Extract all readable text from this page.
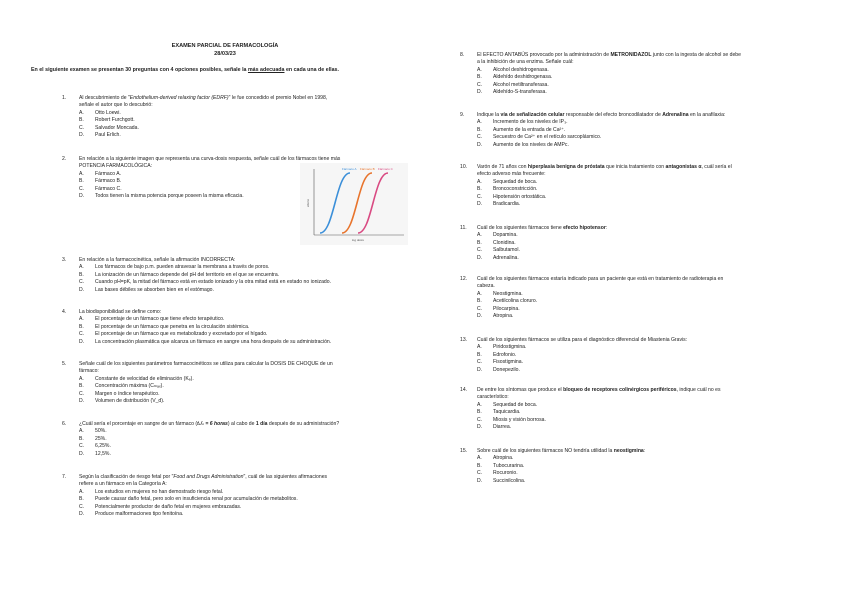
EXAMEN PARCIAL DE FARMACOLOGÍA
28/03/23
En el siguiente examen se presentan 30 preguntas con 4 opciones posibles, señale la más adecuada en cada una de ellas.
1.	Al descubrimiento de "Endothelium-derived relaxing factor (EDRF)" le fue concedido el premio Nobel en 1998,
señale el autor que lo descubrió:
A. Otto Loewi.
B. Robert Furchgott.
C. Salvador Moncada.
D. Paul Erlich.
2.	En relación a la siguiente imagen que representa una curva-dosis respuesta, señale cuál de los fármacos tiene más
POTENCIA FARMACOLÓGICA:
A. Fármaco A.
B. Fármaco B.
C. Fármaco C.
D. Todos tienen la misma potencia porque poseen la misma eficacia.
Fármaco A Fármaco B Fármaco C
log dosis
efecto
3.	En relación a la farmacocinética, señale la afirmación INCORRECTA:
A. Los fármacos de bajo p.m. pueden atravesar la membrana a través de poros.
B. La ionización de un fármaco depende del pH del territorio en el que se encuentra.
C. Cuando pH=pK, la mitad del fármaco está en estado ionizado y la otra mitad está en estado no ionizado.
D. Las bases débiles se absorben bien en el estómago.
4.	La biodisponibilidad se define como:
A. El porcentaje de un fármaco que tiene efecto terapéutico.
B. El porcentaje de un fármaco que penetra en la circulación sistémica.
C. El porcentaje de un fármaco que es metabolizado y excretado por el hígado.
D. La concentración plasmática que alcanza un fármaco en sangre una hora después de su administración.
5.	Señale cuál de los siguientes parámetros farmacocinéticos se utiliza para calcular la DOSIS DE CHOQUE de un
fármaco:
A. Constante de velocidad de eliminación (Kₑ).
B. Concentración máxima (Cₘₐₓ).
C. Margen o índice terapéutico.
D. Volumen de distribución (V_d).
6.	¿Cuál sería el porcentaje en sangre de un fármaco (t₁/₂ = 6 horas) al cabo de 1 día después de su administración?
A. 50%.
B. 25%.
C. 6,25%.
D. 12,5%.
7.	Según la clasificación de riesgo fetal por "Food and Drugs Administration", cuál de las siguientes afirmaciones
refiere a un fármaco en la Categoría A:
A. Los estudios en mujeres no han demostrado riesgo fetal.
B. Puede causar daño fetal, pero solo en insuficiencia renal por acumulación de metabolitos.
C. Potencialmente productor de daño fetal en mujeres embrazadas.
D. Produce malformaciones tipo fenitoína.
8.	El EFECTO ANTABÚS provocado por la administración de METRONIDAZOL junto con la ingesta de alcohol se debe
a la inhibición de una enzima. Señale cuál:
A. Alcohol deshidrogenasa.
B. Aldehído deshidrogenasa.
C. Alcohol metiltransferasa.
D. Aldehído-S-transferasa.
9.	Indique la vía de señalización celular responsable del efecto broncodilatador de Adrenalina en la anafilaxia:
A. Incremento de los niveles de IP₃.
B. Aumento de la entrada de Ca²⁺.
C. Secuestro de Ca²⁺ en el retículo sarcoplásmico.
D. Aumento de los niveles de AMPc.
10.	Varón de 71 años con hiperplasia benigna de próstata que inicia tratamiento con antagonistas α, cuál sería el
efecto adverso más frecuente:
A. Sequedad de boca.
B. Broncoconstricción.
C. Hipotensión ortostática.
D. Bradicardia.
11.	Cuál de los siguientes fármacos tiene efecto hipotensor:
A. Dopamina.
B. Clonidina.
C. Salbutamol.
D. Adrenalina.
12.	Cuál de los siguientes fármacos estaría indicado para un paciente que está en tratamiento de radioterapia en
cabeza.
A. Neostigmina.
B. Acetilcolina cloruro.
C. Pilocarpina.
D. Atropina.
13.	Cuál de los siguientes fármacos se utiliza para el diagnóstico diferencial de Miastenia Gravis:
A. Piridostigmina.
B. Edrofonio.
C. Fisostigmina.
D. Donepezilo.
14.	De entre los síntomas que produce el bloqueo de receptores colinérgicos periféricos, indique cuál no es
característico:
A. Sequedad de boca.
B. Taquicardia.
C. Miosis y visión borrosa.
D. Diarrea.
15.	Sobre cuál de los siguientes fármacos NO tendría utilidad la neostigmina:
A. Atropina.
B. Tubocurarina.
C. Rocuronio.
D. Succinilcolina.
